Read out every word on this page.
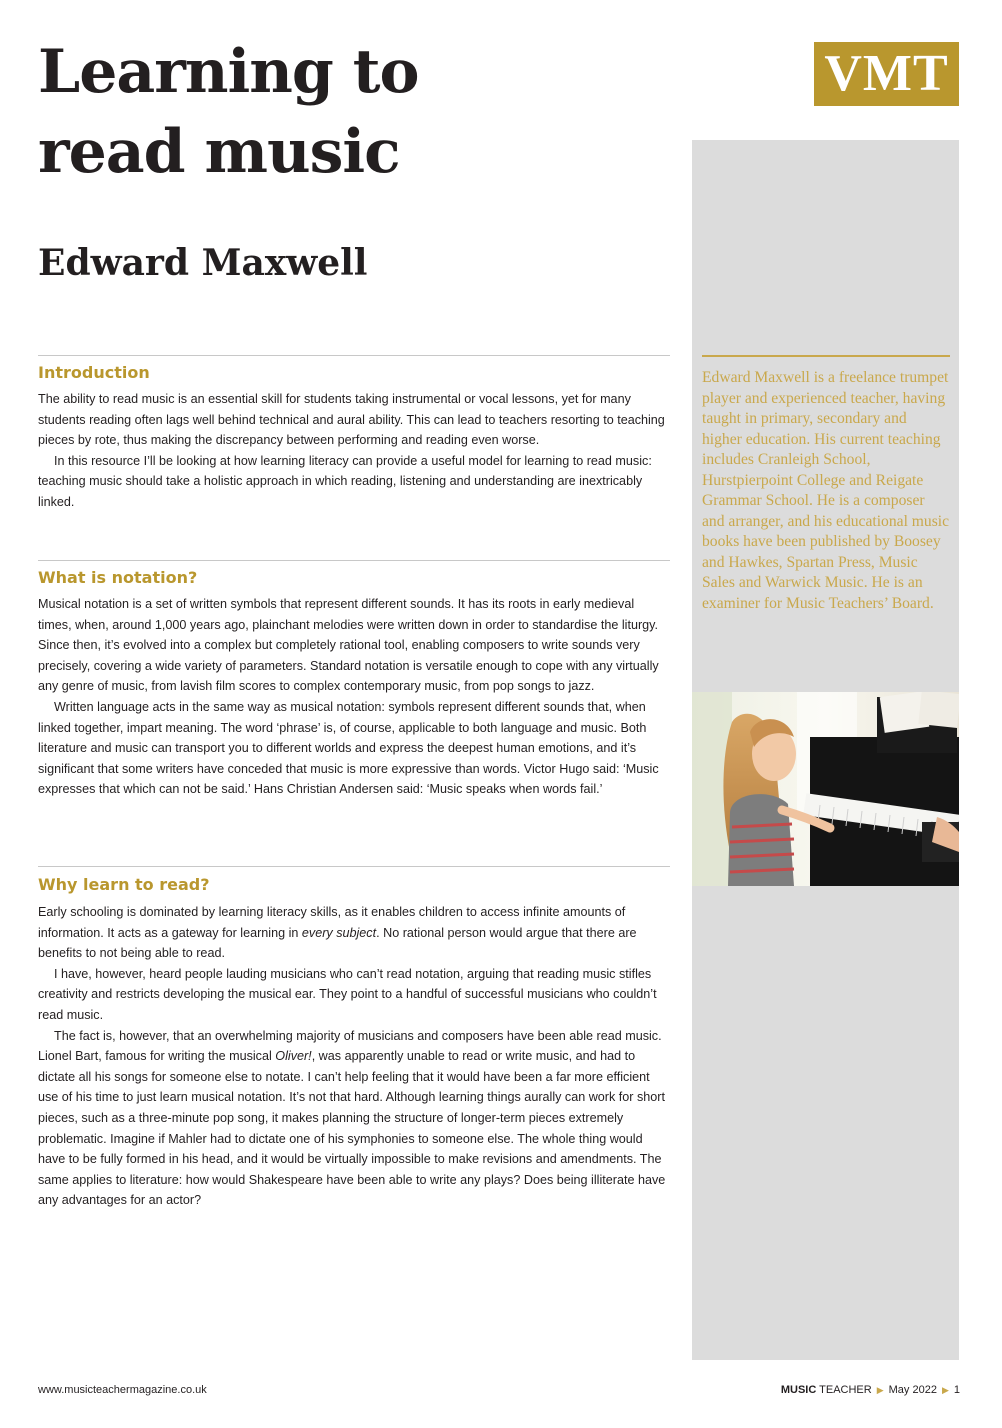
Learning to
read music
Edward Maxwell
VMT

Edward Maxwell is a freelance trumpet player and experienced teacher, having taught in primary, secondary and higher education. His current teaching includes Cranleigh School, Hurstpierpoint College and Reigate Grammar School. He is a composer and arranger, and his educational music books have been published by Boosey and Hawkes, Spartan Press, Music Sales and Warwick Music. He is an examiner for Music Teachers’ Board.

Introduction

The ability to read music is an essential skill for students taking instrumental or vocal lessons, yet for many students reading often lags well behind technical and aural ability. This can lead to teachers resorting to teaching pieces by rote, thus making the discrepancy between performing and reading even worse.

In this resource I’ll be looking at how learning literacy can provide a useful model for learning to read music: teaching music should take a holistic approach in which reading, listening and understanding are inextricably linked.

What is notation?

Musical notation is a set of written symbols that represent different sounds. It has its roots in early medieval times, when, around 1,000 years ago, plainchant melodies were written down in order to standardise the liturgy. Since then, it’s evolved into a complex but completely rational tool, enabling composers to write sounds very precisely, covering a wide variety of parameters. Standard notation is versatile enough to cope with any virtually any genre of music, from lavish film scores to complex contemporary music, from pop songs to jazz.

Written language acts in the same way as musical notation: symbols represent different sounds that, when linked together, impart meaning. The word ‘phrase’ is, of course, applicable to both language and music. Both literature and music can transport you to different worlds and express the deepest human emotions, and it’s significant that some writers have conceded that music is more expressive than words. Victor Hugo said: ‘Music expresses that which can not be said.’ Hans Christian Andersen said: ‘Music speaks when words fail.’

Why learn to read?

Early schooling is dominated by learning literacy skills, as it enables children to access infinite amounts of information. It acts as a gateway for learning in every subject. No rational person would argue that there are benefits to not being able to read.

I have, however, heard people lauding musicians who can’t read notation, arguing that reading music stifles creativity and restricts developing the musical ear. They point to a handful of successful musicians who couldn’t read music.

The fact is, however, that an overwhelming majority of musicians and composers have been able read music. Lionel Bart, famous for writing the musical Oliver!, was apparently unable to read or write music, and had to dictate all his songs for someone else to notate. I can’t help feeling that it would have been a far more efficient use of his time to just learn musical notation. It’s not that hard. Although learning things aurally can work for short pieces, such as a three-minute pop song, it makes planning the structure of longer-term pieces extremely problematic. Imagine if Mahler had to dictate one of his symphonies to someone else. The whole thing would have to be fully formed in his head, and it would be virtually impossible to make revisions and amendments. The same applies to literature: how would Shakespeare have been able to write any plays? Does being illiterate have any advantages for an actor?

www.musicteachermagazine.co.uk	MUSIC TEACHER ▶ May 2022 ▶ 1
